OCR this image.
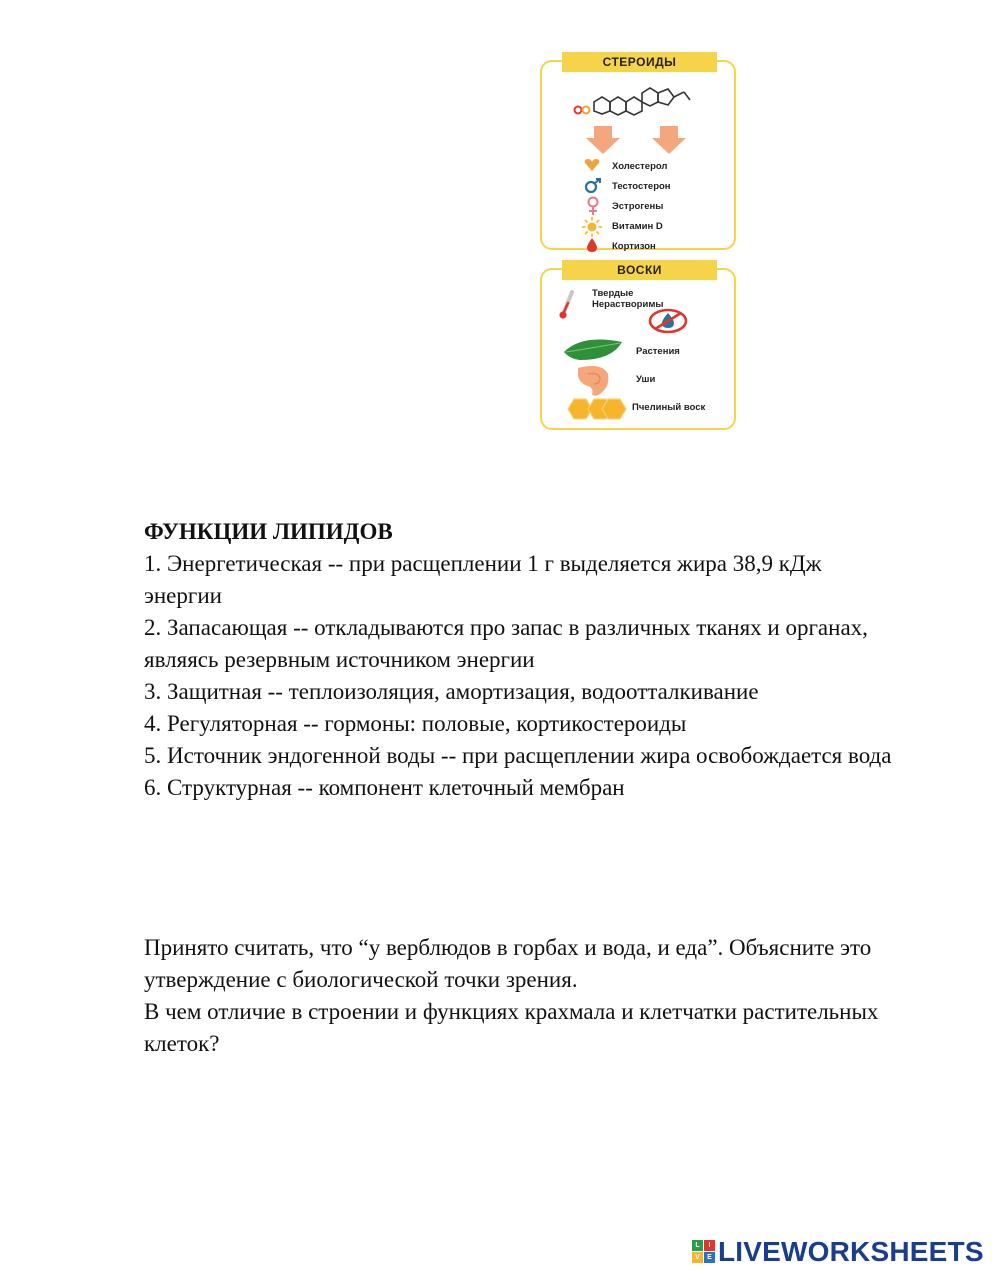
СТЕРОИДЫ
Холестерол
Тестостерон
Эстрогены
Витамин D
Кортизон
ВОСКИ
Твердые
Нерастворимы
Растения
Уши
Пчелиный воск

ФУНКЦИИ ЛИПИДОВ

1. Энергетическая -- при расщеплении 1 г выделяется жира 38,9 кДж энергии

2. Запасающая -- откладываются про запас в различных тканях и органах, являясь резервным источником энергии

3. Защитная -- теплоизоляция, амортизация, водоотталкивание

4. Регуляторная -- гормоны: половые, кортикостероиды

5. Источник эндогенной воды -- при расщеплении жира освобождается вода

6. Структурная -- компонент клеточный мембран

Принято считать, что “у верблюдов в горбах и вода, и еда”. Объясните это утверждение с биологической точки зрения.

В чем отличие в строении и функциях крахмала и клетчатки растительных клеток?

L	I
V	E LIVEWORKSHEETS
